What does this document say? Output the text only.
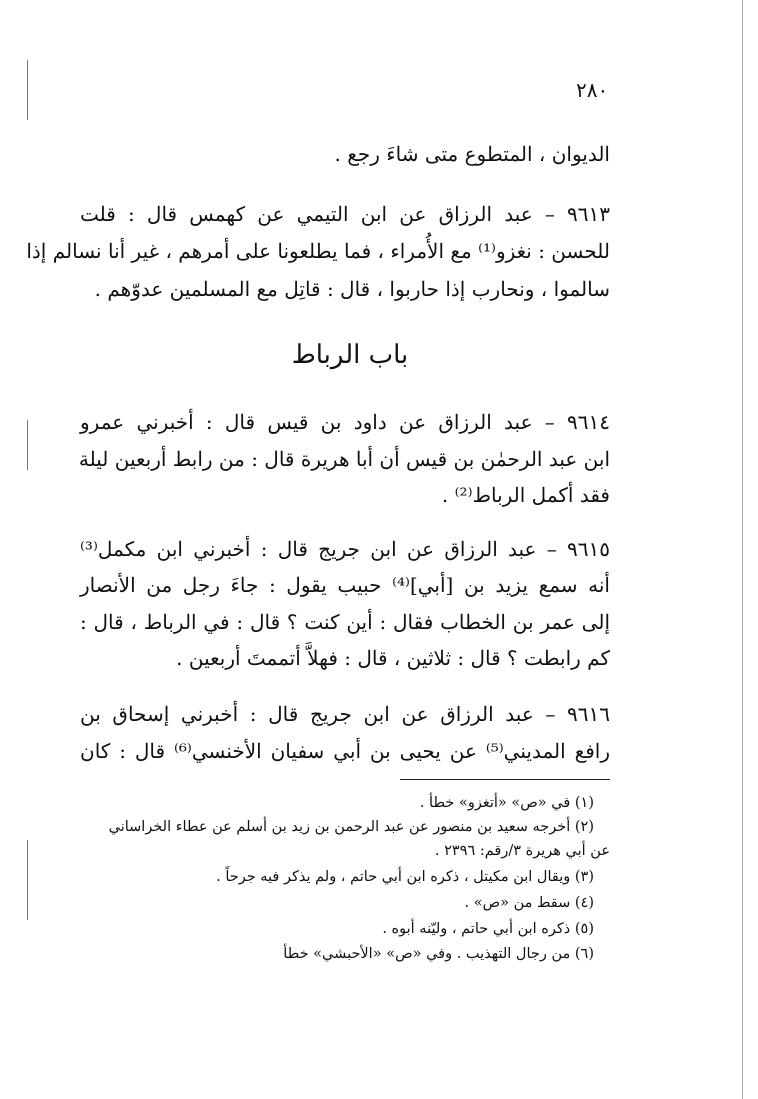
٢٨٠
الديوان ، المتطوع متى شاءَ رجع .
٩٦١٣ – عبد الرزاق عن ابن التيمي عن كهمس قال : قلت
للحسن : نغزو⁽¹⁾ مع الأُمراء ، فما يطلعونا على أمرهم ، غير أنا نسالم إذا
سالموا ، ونحارب إذا حاربوا ، قال : قاتِل مع المسلمين عدوّهم .
باب الرباط
٩٦١٤ – عبد الرزاق عن داود بن قيس قال : أخبرني عمرو
ابن عبد الرحمٰن بن قيس أن أبا هريرة قال : من رابط أربعين ليلة
فقد أكمل الرباط⁽²⁾ .
٩٦١٥ – عبد الرزاق عن ابن جريج قال : أخبرني ابن مكمل⁽³⁾
أنه سمع يزيد بن [أبي]⁽⁴⁾ حبيب يقول : جاءَ رجل من الأنصار
إلى عمر بن الخطاب فقال : أين كنت ؟ قال : في الرباط ، قال :
كم رابطت ؟ قال : ثلاثين ، قال : فهلاَّ أتممتَ أربعين .
٩٦١٦ – عبد الرزاق عن ابن جريج قال : أخبرني إسحاق بن
رافع المديني⁽⁵⁾ عن يحيى بن أبي سفيان الأخنسي⁽⁶⁾ قال : كان
(١) في «ص» «أتغزو» خطأ .
(٢) أخرجه سعيد بن منصور عن عبد الرحمن بن زيد بن أسلم عن عطاء الخراساني
عن أبي هريرة ٣/رقم: ٢٣٩٦ .
(٣) ويقال ابن مكيتل ، ذكره ابن أبي حاتم ، ولم يذكر فيه جرحاً .
(٤) سقط من «ص» .
(٥) ذكره ابن أبي حاتم ، وليّنه أبوه .
(٦) من رجال التهذيب . وفي «ص» «الأحبشي» خطأ
